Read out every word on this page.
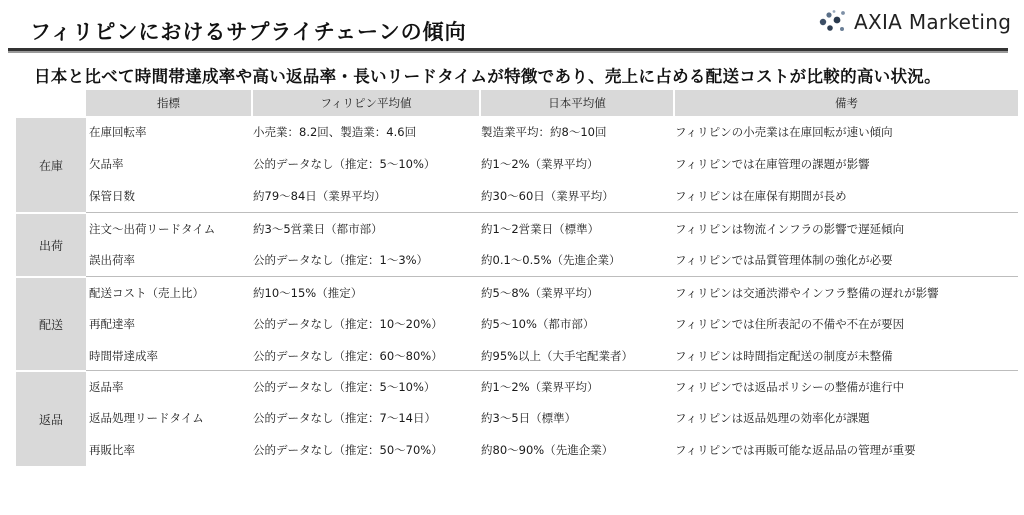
フィリピンにおけるサプライチェーンの傾向	AXIA Marketing
日本と比べて時間帯達成率や高い返品率・長いリードタイムが特徴であり、売上に占める配送コストが比較的高い状況。
指標	フィリピン平均値	日本平均値	備考
在庫
在庫回転率	小売業：8.2回、製造業：4.6回	製造業平均：約8〜10回	フィリピンの小売業は在庫回転が速い傾向
欠品率	公的データなし（推定：5〜10%）	約1〜2%（業界平均）	フィリピンでは在庫管理の課題が影響
保管日数	約79〜84日（業界平均）	約30〜60日（業界平均）	フィリピンは在庫保有期間が長め
出荷
注文〜出荷リードタイム	約3〜5営業日（都市部）	約1〜2営業日（標準）	フィリピンは物流インフラの影響で遅延傾向
誤出荷率	公的データなし（推定：1〜3%）	約0.1〜0.5%（先進企業）	フィリピンでは品質管理体制の強化が必要
配送
配送コスト（売上比）	約10〜15%（推定）	約5〜8%（業界平均）	フィリピンは交通渋滞やインフラ整備の遅れが影響
再配達率	公的データなし（推定：10〜20%）	約5〜10%（都市部）	フィリピンでは住所表記の不備や不在が要因
時間帯達成率	公的データなし（推定：60〜80%）	約95%以上（大手宅配業者）	フィリピンは時間指定配送の制度が未整備
返品
返品率	公的データなし（推定：5〜10%）	約1〜2%（業界平均）	フィリピンでは返品ポリシーの整備が進行中
返品処理リードタイム	公的データなし（推定：7〜14日）	約3〜5日（標準）	フィリピンは返品処理の効率化が課題
再販比率	公的データなし（推定：50〜70%）	約80〜90%（先進企業）	フィリピンでは再販可能な返品品の管理が重要
